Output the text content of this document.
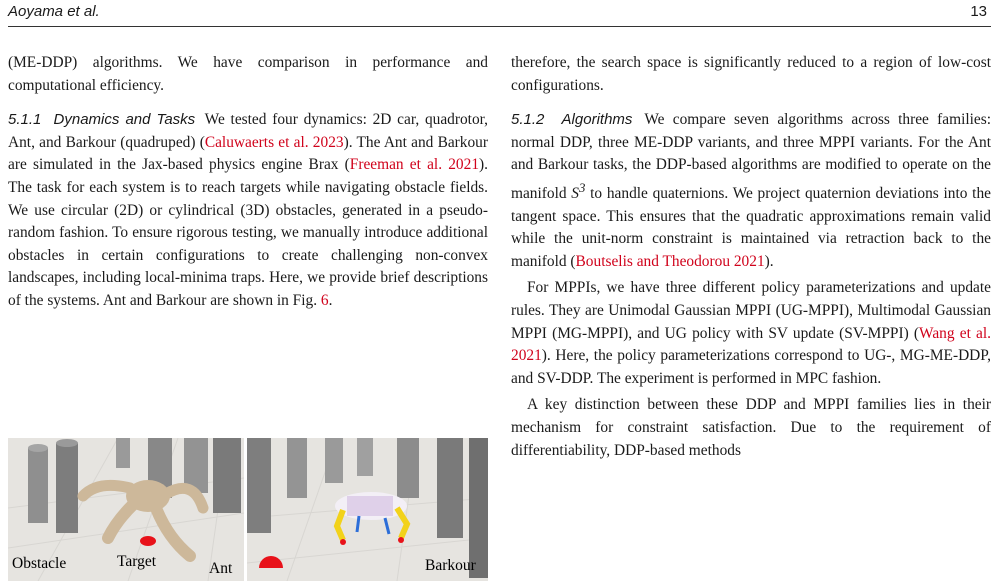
Aoyama et al.	13

(ME-DDP) algorithms. We have comparison in performance and computational efficiency.

5.1.1 Dynamics and Tasks We tested four dynamics: 2D car, quadrotor, Ant, and Barkour (quadruped) (Caluwaerts et al. 2023). The Ant and Barkour are simulated in the Jax-based physics engine Brax (Freeman et al. 2021). The task for each system is to reach targets while navigating obstacle fields. We use circular (2D) or cylindrical (3D) obstacles, generated in a pseudo-random fashion. To ensure rigorous testing, we manually introduce additional obstacles in certain configurations to create challenging non-convex landscapes, including local-minima traps. Here, we provide brief descriptions of the systems. Ant and Barkour are shown in Fig. 6.

Obstacle	Target	Ant	Barkour

therefore, the search space is significantly reduced to a region of low-cost configurations.

5.1.2 Algorithms We compare seven algorithms across three families: normal DDP, three ME-DDP variants, and three MPPI variants. For the Ant and Barkour tasks, the DDP-based algorithms are modified to operate on the manifold $S^3$ to handle quaternions. We project quaternion deviations into the tangent space. This ensures that the quadratic approximations remain valid while the unit-norm constraint is maintained via retraction back to the manifold (Boutselis and Theodorou 2021).

For MPPIs, we have three different policy parameterizations and update rules. They are Unimodal Gaussian MPPI (UG-MPPI), Multimodal Gaussian MPPI (MG-MPPI), and UG policy with SV update (SV-MPPI) (Wang et al. 2021). Here, the policy parameterizations correspond to UG-, MG-ME-DDP, and SV-DDP. The experiment is performed in MPC fashion.

A key distinction between these DDP and MPPI families lies in their mechanism for constraint satisfaction. Due to the requirement of differentiability, DDP-based methods
